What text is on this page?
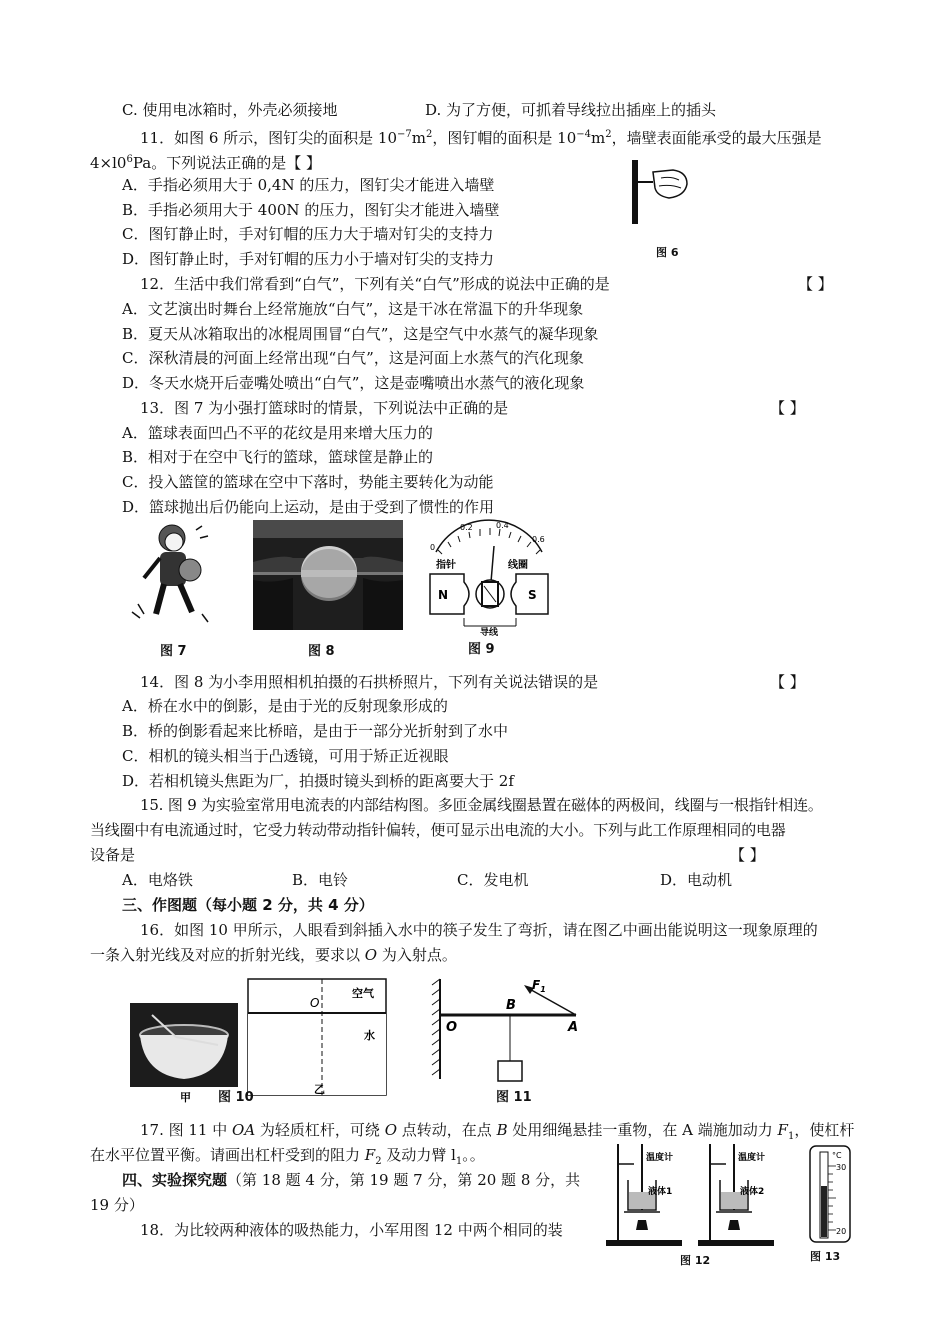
C. 使用电冰箱时，外壳必须接地	D. 为了方便，可抓着导线拉出插座上的插头
11．如图 6 所示，图钉尖的面积是 $10^{-7}m^2$，图钉帽的面积是 $10^{-4}m^2$，墙壁表面能承受的最大压强是
$4\times l0^6Pa$。下列说法正确的是【 】
A．手指必须用大于 0,4N 的压力，图钉尖才能进入墙壁
B．手指必须用大于 400N 的压力，图钉尖才能进入墙壁
C．图钉静止时，手对钉帽的压力大于墙对钉尖的支持力
D．图钉静止时，手对钉帽的压力小于墙对钉尖的支持力	图 6
12．生活中我们常看到“白气”，下列有关“白气”形成的说法中正确的是	【 】
A．文艺演出时舞台上经常施放“白气”，这是干冰在常温下的升华现象
B．夏天从冰箱取出的冰棍周围冒“白气”，这是空气中水蒸气的凝华现象
C．深秋清晨的河面上经常出现“白气”，这是河面上水蒸气的汽化现象
D．冬天水烧开后壶嘴处喷出“白气”，这是壶嘴喷出水蒸气的液化现象
13．图 7 为小强打篮球时的情景，下列说法中正确的是	【 】
A．篮球表面凹凸不平的花纹是用来增大压力的
B．相对于在空中飞行的篮球，篮球筐是静止的
C．投入篮筐的篮球在空中下落时，势能主要转化为动能
D．篮球抛出后仍能向上运动，是由于受到了惯性的作用
图 7	图 8
0
0.2	0.4
0.6
指针	线圈
N	S
导线
图 9
14．图 8 为小李用照相机拍摄的石拱桥照片，下列有关说法错误的是	【 】
A．桥在水中的倒影，是由于光的反射现象形成的
B．桥的倒影看起来比桥暗，是由于一部分光折射到了水中
C．相机的镜头相当于凸透镜，可用于矫正近视眼
D．若相机镜头焦距为厂，拍摄时镜头到桥的距离要大于 2f
15. 图 9 为实验室常用电流表的内部结构图。多匝金属线圈悬置在磁体的两极间，线圈与一根指针相连。
当线圈中有电流通过时，它受力转动带动指针偏转，便可显示出电流的大小。下列与此工作原理相同的电器
设备是	【 】
A．电烙铁	B．电铃	C．发电机	D．电动机
三、作图题（每小题 2 分，共 4 分）
16．如图 10 甲所示，人眼看到斜插入水中的筷子发生了弯折，请在图乙中画出能说明这一现象原理的
一条入射光线及对应的折射光线，要求以 O 为入射点。
甲
O
空气
水
乙
图 10
$F_1$
B
O	A
图 11
17. 图 11 中 OA 为轻质杠杆，可绕 O 点转动，在点 B 处用细绳悬挂一重物，在 A 端施加动力 $F_1$，使杠杆
在水平位置平衡。请画出杠杆受到的阻力 $F_2$ 及动力臂 $l_1$。。
四、实验探究题（第 18 题 4 分，第 19 题 7 分，第 20 题 8 分，共
19 分）
18．为比较两种液体的吸热能力，小军用图 12 中两个相同的装
温度计
液体1
温度计
液体2
图 12
°C
30
20
图 13
